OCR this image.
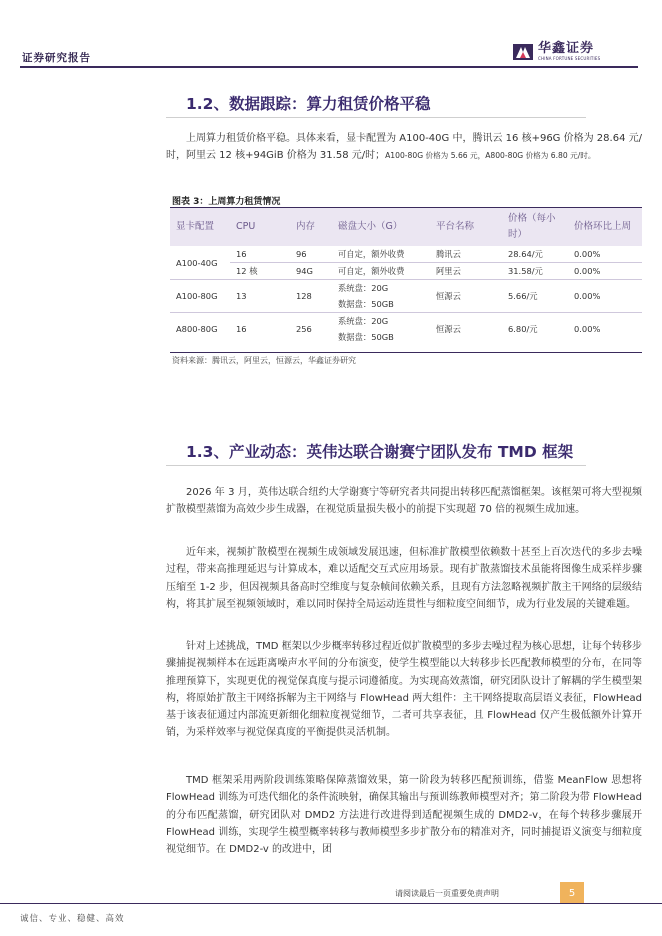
证券研究报告
华鑫证券
CHINA FORTUNE SECURITIES
1.2、数据跟踪：算力租赁价格平稳
上周算力租赁价格平稳。具体来看，显卡配置为 A100-40G 中，腾讯云 16 核+96G 价格为 28.64 元/时，阿里云 12 核+94GiB 价格为 31.58 元/时；A100-80G 价格为 5.66 元，A800-80G 价格为 6.80 元/时。
图表 3：上周算力租赁情况
显卡配置	CPU	内存	磁盘大小（G）	平台名称	价格（每小时）	价格环比上周
A100-40G	16	96	可自定，额外收费	腾讯云	28.64/元	0.00%
	12 核	94G	可自定，额外收费	阿里云	31.58/元	0.00%
A100-80G	13	128	系统盘：20G	恒源云	5.66/元	0.00%
			数据盘：50GB			
A800-80G	16	256	系统盘：20G	恒源云	6.80/元	0.00%
			数据盘：50GB			
资料来源：腾讯云，阿里云，恒源云，华鑫证券研究
1.3、产业动态：英伟达联合谢赛宁团队发布 TMD 框架
2026 年 3 月，英伟达联合纽约大学谢赛宁等研究者共同提出转移匹配蒸馏框架。该框架可将大型视频扩散模型蒸馏为高效少步生成器，在视觉质量损失极小的前提下实现超 70 倍的视频生成加速。
近年来，视频扩散模型在视频生成领域发展迅速，但标准扩散模型依赖数十甚至上百次迭代的多步去噪过程，带来高推理延迟与计算成本，难以适配交互式应用场景。现有扩散蒸馏技术虽能将图像生成采样步骤压缩至 1-2 步，但因视频具备高时空维度与复杂帧间依赖关系，且现有方法忽略视频扩散主干网络的层级结构，将其扩展至视频领域时，难以同时保持全局运动连贯性与细粒度空间细节，成为行业发展的关键难题。
针对上述挑战，TMD 框架以少步概率转移过程近似扩散模型的多步去噪过程为核心思想，让每个转移步骤捕捉视频样本在远距离噪声水平间的分布演变，使学生模型能以大转移步长匹配教师模型的分布，在同等推理预算下，实现更优的视觉保真度与提示词遵循度。为实现高效蒸馏，研究团队设计了解耦的学生模型架构，将原始扩散主干网络拆解为主干网络与 FlowHead 两大组件：主干网络提取高层语义表征，FlowHead 基于该表征通过内部流更新细化细粒度视觉细节，二者可共享表征，且 FlowHead 仅产生极低额外计算开销，为采样效率与视觉保真度的平衡提供灵活机制。
TMD 框架采用两阶段训练策略保障蒸馏效果，第一阶段为转移匹配预训练，借鉴 MeanFlow 思想将 FlowHead 训练为可迭代细化的条件流映射，确保其输出与预训练教师模型对齐；第二阶段为带 FlowHead 的分布匹配蒸馏，研究团队对 DMD2 方法进行改进得到适配视频生成的 DMD2-v，在每个转移步骤展开 FlowHead 训练，实现学生模型概率转移与教师模型多步扩散分布的精准对齐，同时捕捉语义演变与细粒度视觉细节。在 DMD2-v 的改进中，团
请阅读最后一页重要免责声明	5
诚信、专业、稳健、高效
